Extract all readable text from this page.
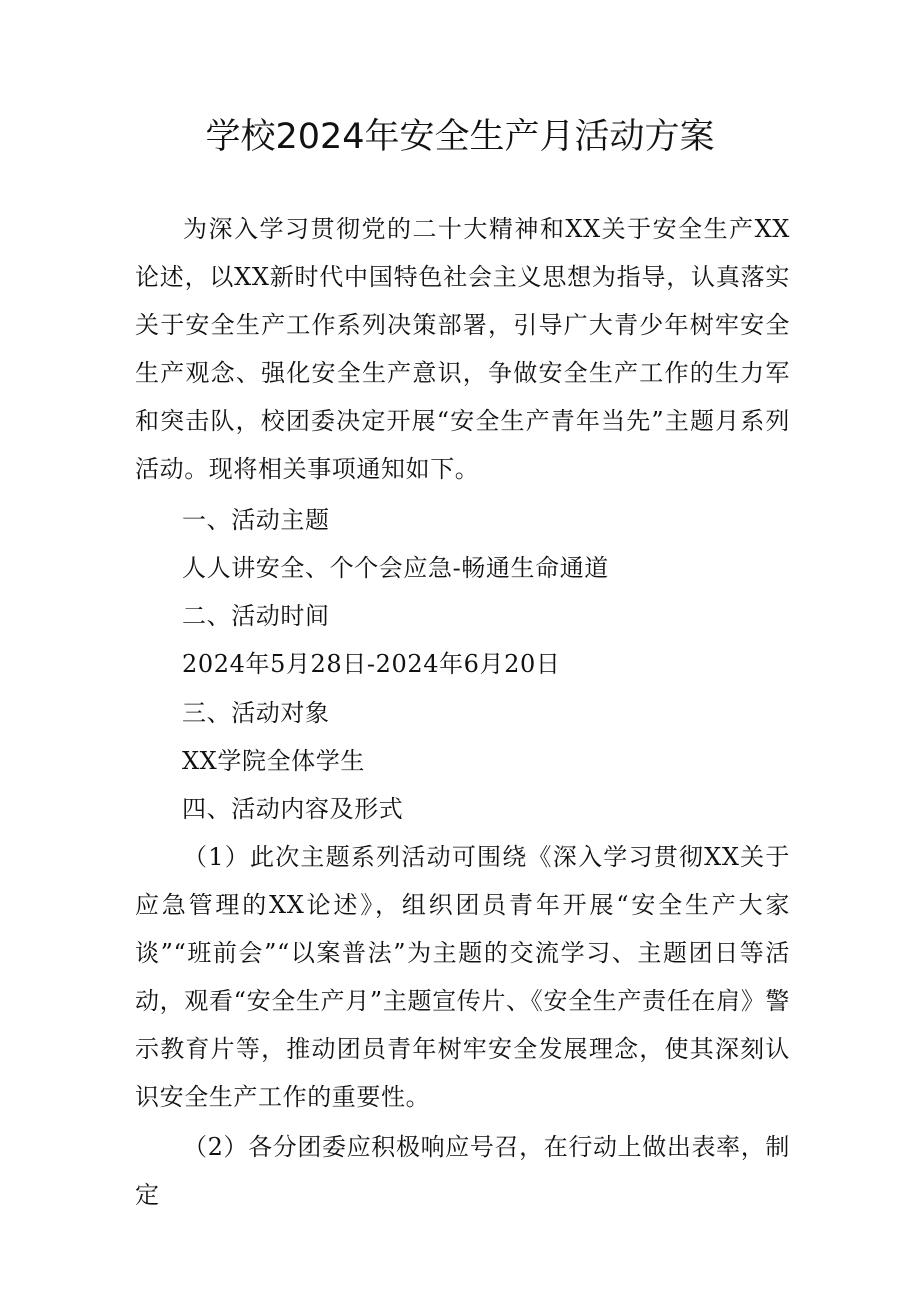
学校2024年安全生产月活动方案

为深入学习贯彻党的二十大精神和XX关于安全生产XX论述，以XX新时代中国特色社会主义思想为指导，认真落实关于安全生产工作系列决策部署，引导广大青少年树牢安全生产观念、强化安全生产意识，争做安全生产工作的生力军和突击队，校团委决定开展“安全生产青年当先”主题月系列活动。现将相关事项通知如下。

一、活动主题

人人讲安全、个个会应急-畅通生命通道

二、活动时间

2024年5月28日-2024年6月20日

三、活动对象

XX学院全体学生

四、活动内容及形式

（1）此次主题系列活动可围绕《深入学习贯彻XX关于应急管理的XX论述》，组织团员青年开展“安全生产大家谈”“班前会”“以案普法”为主题的交流学习、主题团日等活动，观看“安全生产月”主题宣传片、《安全生产责任在肩》警示教育片等，推动团员青年树牢安全发展理念，使其深刻认识安全生产工作的重要性。

（2）各分团委应积极响应号召，在行动上做出表率，制定
